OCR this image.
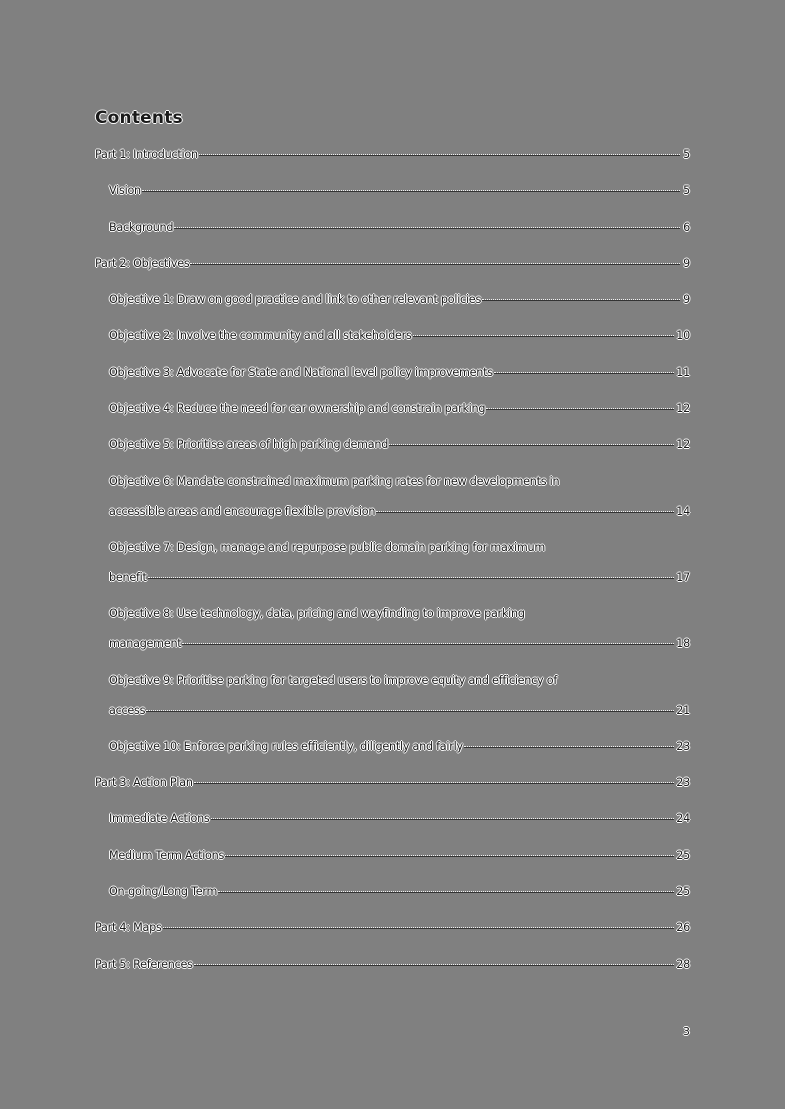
Contents
Part 1: Introduction	5
Vision	5
Background	6
Part 2: Objectives	9
Objective 1: Draw on good practice and link to other relevant policies	9
Objective 2: Involve the community and all stakeholders	10
Objective 3: Advocate for State and National level policy improvements	11
Objective 4: Reduce the need for car ownership and constrain parking	12
Objective 5: Prioritise areas of high parking demand	12
Objective 6: Mandate constrained maximum parking rates for new developments in
accessible areas and encourage flexible provision	14
Objective 7: Design, manage and repurpose public domain parking for maximum
benefit	17
Objective 8: Use technology, data, pricing and wayfinding to improve parking
management	18
Objective 9: Prioritise parking for targeted users to improve equity and efficiency of
access	21
Objective 10: Enforce parking rules efficiently, diligently and fairly	23
Part 3: Action Plan	23
Immediate Actions	24
Medium Term Actions	25
On-going/Long Term	25
Part 4: Maps	26
Part 5: References	28
3
